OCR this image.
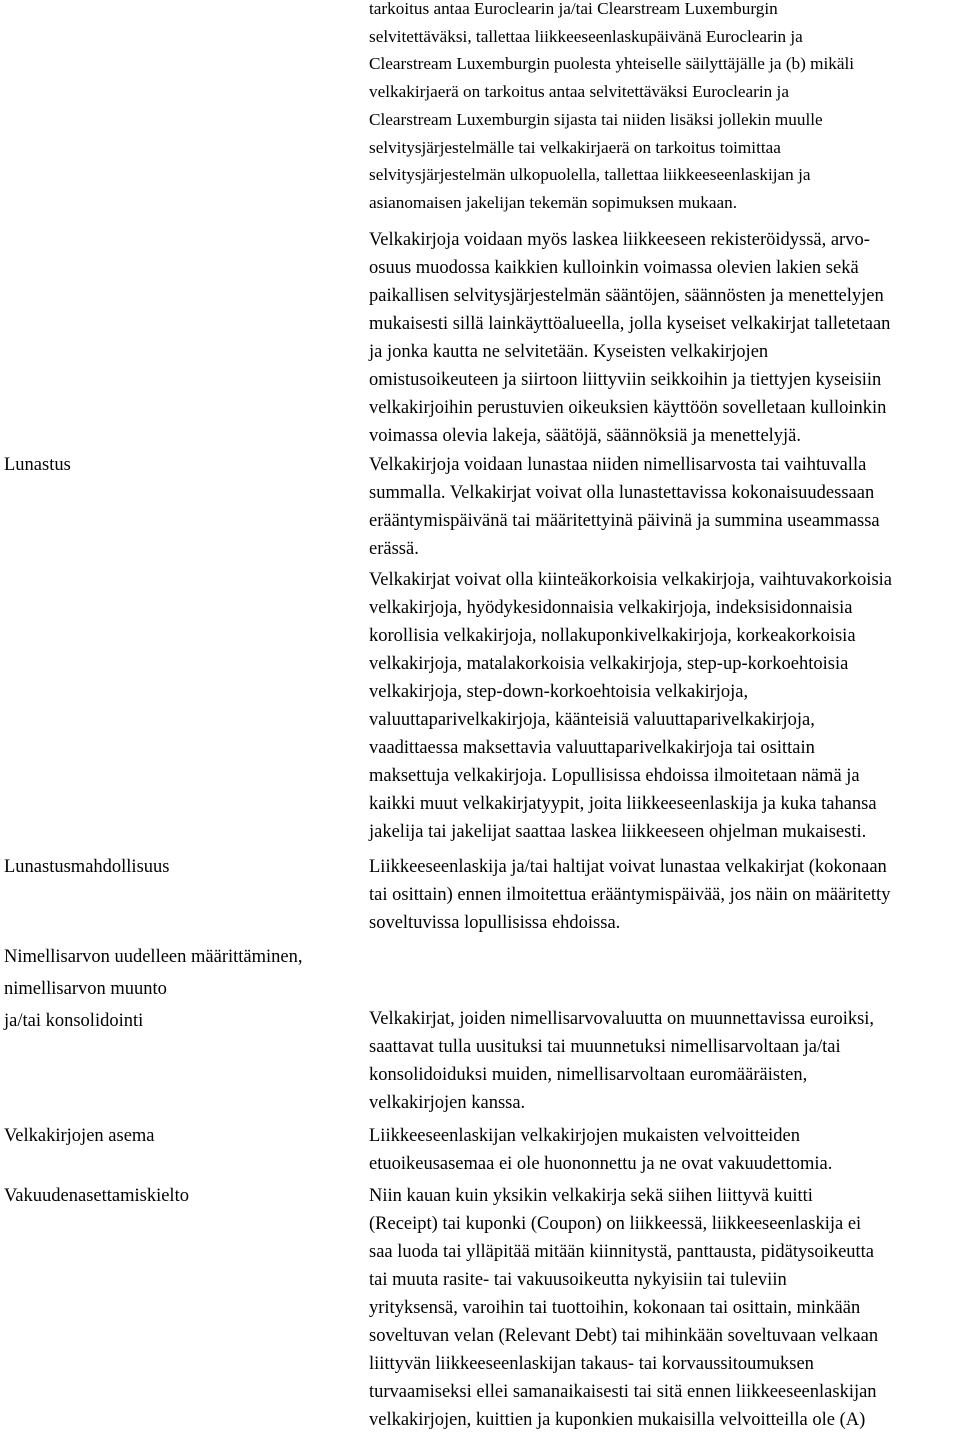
tarkoitus antaa Euroclearin ja/tai Clearstream Luxemburgin
selvitettäväksi, tallettaa liikkeeseenlaskupäivänä Euroclearin ja
Clearstream Luxemburgin puolesta yhteiselle säilyttäjälle ja (b) mikäli
velkakirjaerä on tarkoitus antaa selvitettäväksi Euroclearin ja
Clearstream Luxemburgin sijasta tai niiden lisäksi jollekin muulle
selvitysjärjestelmälle tai velkakirjaerä on tarkoitus toimittaa
selvitysjärjestelmän ulkopuolella, tallettaa liikkeeseenlaskijan ja
asianomaisen jakelijan tekemän sopimuksen mukaan.

Velkakirjoja voidaan myös laskea liikkeeseen rekisteröidyssä, arvo-
osuus muodossa kaikkien kulloinkin voimassa olevien lakien sekä
paikallisen selvitysjärjestelmän sääntöjen, säännösten ja menettelyjen
mukaisesti sillä lainkäyttöalueella, jolla kyseiset velkakirjat talletetaan
ja jonka kautta ne selvitetään. Kyseisten velkakirjojen
omistusoikeuteen ja siirtoon liittyviin seikkoihin ja tiettyjen kyseisiin
velkakirjoihin perustuvien oikeuksien käyttöön sovelletaan kulloinkin
voimassa olevia lakeja, säätöjä, säännöksiä ja menettelyjä.

Lunastus	Velkakirjoja voidaan lunastaa niiden nimellisarvosta tai vaihtuvalla
summalla. Velkakirjat voivat olla lunastettavissa kokonaisuudessaan
erääntymispäivänä tai määritettyinä päivinä ja summina useammassa
erässä.

Velkakirjat voivat olla kiinteäkorkoisia velkakirjoja, vaihtuvakorkoisia
velkakirjoja, hyödykesidonnaisia velkakirjoja, indeksisidonnaisia
korollisia velkakirjoja, nollakuponkivelkakirjoja, korkeakorkoisia
velkakirjoja, matalakorkoisia velkakirjoja, step-up-korkoehtoisia
velkakirjoja, step-down-korkoehtoisia velkakirjoja,
valuuttaparivelkakirjoja, käänteisiä valuuttaparivelkakirjoja,
vaadittaessa maksettavia valuuttaparivelkakirjoja tai osittain
maksettuja velkakirjoja. Lopullisissa ehdoissa ilmoitetaan nämä ja
kaikki muut velkakirjatyypit, joita liikkeeseenlaskija ja kuka tahansa
jakelija tai jakelijat saattaa laskea liikkeeseen ohjelman mukaisesti.

Lunastusmahdollisuus	Liikkeeseenlaskija ja/tai haltijat voivat lunastaa velkakirjat (kokonaan
tai osittain) ennen ilmoitettua erääntymispäivää, jos näin on määritetty
soveltuvissa lopullisissa ehdoissa.

Nimellisarvon uudelleen määrittäminen,
nimellisarvon muunto
ja/tai konsolidointi	Velkakirjat, joiden nimellisarvovaluutta on muunnettavissa euroiksi,
saattavat tulla uusituksi tai muunnetuksi nimellisarvoltaan ja/tai
konsolidoiduksi muiden, nimellisarvoltaan euromääräisten,
velkakirjojen kanssa.

Velkakirjojen asema	Liikkeeseenlaskijan velkakirjojen mukaisten velvoitteiden
etuoikeusasemaa ei ole huononnettu ja ne ovat vakuudettomia.

Vakuudenasettamiskielto	Niin kauan kuin yksikin velkakirja sekä siihen liittyvä kuitti
(Receipt) tai kuponki (Coupon) on liikkeessä, liikkeeseenlaskija ei
saa luoda tai ylläpitää mitään kiinnitystä, panttausta, pidätysoikeutta
tai muuta rasite- tai vakuusoikeutta nykyisiin tai tuleviin
yrityksensä, varoihin tai tuottoihin, kokonaan tai osittain, minkään
soveltuvan velan (Relevant Debt) tai mihinkään soveltuvaan velkaan
liittyvän liikkeeseenlaskijan takaus- tai korvaussitoumuksen
turvaamiseksi ellei samanaikaisesti tai sitä ennen liikkeeseenlaskijan
velkakirjojen, kuittien ja kuponkien mukaisilla velvoitteilla ole (A)
